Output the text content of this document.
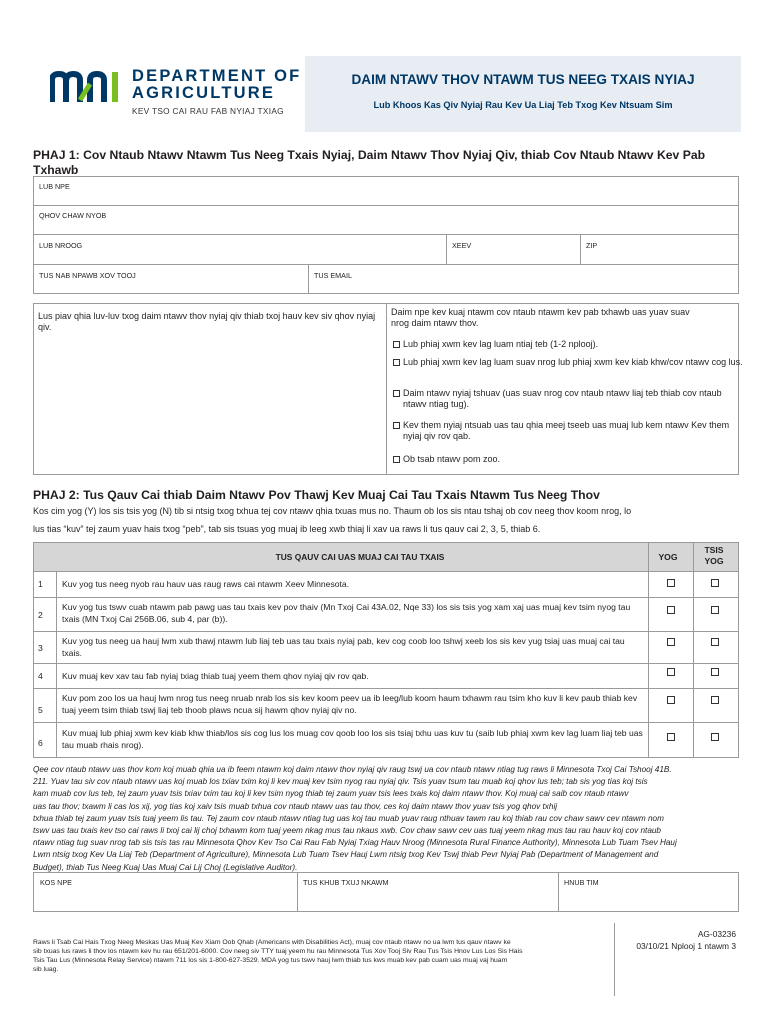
DEPARTMENT OF
AGRICULTURE
KEV TSO CAI RAU FAB NYIAJ TXIAG
DAIM NTAWV THOV NTAWM TUS NEEG TXAIS NYIAJ
Lub Khoos Kas Qiv Nyiaj Rau Kev Ua Liaj Teb Txog Kev Ntsuam Sim
PHAJ 1: Cov Ntaub Ntawv Ntawm Tus Neeg Txais Nyiaj, Daim Ntawv Thov Nyiaj Qiv, thiab Cov Ntaub Ntawv Kev Pab Txhawb
LUB NPE
QHOV CHAW NYOB
LUB NROOG	XEEV	ZIP
TUS NAB NPAWB XOV TOOJ	TUS EMAIL
Lus piav qhia luv-luv txog daim ntawv thov nyiaj qiv thiab txoj hauv kev siv qhov nyiaj qiv.
Daim npe kev kuaj ntawm cov ntaub ntawm kev pab txhawb uas yuav suav nrog daim ntawv thov.
Lub phiaj xwm kev lag luam ntiaj teb (1-2 nplooj).
Lub phiaj xwm kev lag luam suav nrog lub phiaj xwm kev kiab khw/cov ntawv cog lus.
Daim ntawv nyiaj tshuav (uas suav nrog cov ntaub ntawv liaj teb thiab cov ntaub ntawv ntiag tug).
Kev them nyiaj ntsuab uas tau qhia meej tseeb uas muaj lub kem ntawv Kev them nyiaj qiv rov qab.
Ob tsab ntawv pom zoo.
PHAJ 2: Tus Qauv Cai thiab Daim Ntawv Pov Thawj Kev Muaj Cai Tau Txais Ntawm Tus Neeg Thov
Kos cim yog (Y) los sis tsis yog (N) tib si ntsig txog txhua tej cov ntawv qhia txuas mus no. Thaum ob los sis ntau tshaj ob cov neeg thov koom nrog, lo
lus tias “kuv” tej zaum yuav hais txog “peb”, tab sis tsuas yog muaj ib leeg xwb thiaj li xav ua raws li tus qauv cai 2, 3, 5, thiab 6.
TUS QAUV CAI UAS MUAJ CAI TAU TXAIS	YOG
TSIS
YOG
1 Kuv yog tus neeg nyob rau hauv uas raug raws cai ntawm Xeev Minnesota.
2
Kuv yog tus tswv cuab ntawm pab pawg uas tau txais kev pov thaiv (Mn Txoj Cai 43A.02, Nqe 33) los sis tsis yog xam xaj uas muaj kev tsim nyog tau txais (MN Txoj Cai 256B.06, sub 4, par (b)).
3
Kuv yog tus neeg ua hauj lwm xub thawj ntawm lub liaj teb uas tau txais nyiaj pab, kev cog coob loo tshwj xeeb los sis kev yug tsiaj uas muaj cai tau txais.
4 Kuv muaj kev xav tau fab nyiaj txiag thiab tuaj yeem them qhov nyiaj qiv rov qab.
5
Kuv pom zoo los ua hauj lwm nrog tus neeg nruab nrab los sis kev koom peev ua ib leeg/lub koom haum txhawm rau tsim kho kuv li kev paub thiab kev tuaj yeem tsim thiab tswj liaj teb thoob plaws ncua sij hawm qhov nyiaj qiv no.
6
Kuv muaj lub phiaj xwm kev kiab khw thiab/los sis cog lus los muag cov qoob loo los sis tsiaj txhu uas kuv tu (saib lub phiaj xwm kev lag luam liaj teb uas tau muab rhais nrog).
Qee cov ntaub ntawv uas thov kom koj muab qhia ua ib feem ntawm koj daim ntawv thov nyiaj qiv raug tswj ua cov ntaub ntawv ntiag tug raws li Minnesota Txoj Cai Tshooj 41B.
211. Yuav tau siv cov ntaub ntawv uas koj muab los txiav txim koj li kev muaj kev tsim nyog rau nyiaj qiv. Tsis yuav tsum tau muab koj qhov lus teb; tab sis yog tias koj tsis
kam muab cov lus teb, tej zaum yuav tsis txiav txim tau koj li kev tsim nyog thiab tej zaum yuav tsis lees txais koj daim ntawv thov. Koj muaj cai saib cov ntaub ntawv
uas tau thov; txawm li cas los xij, yog tias koj xaiv tsis muab txhua cov ntaub ntawv uas tau thov, ces koj daim ntawv thov yuav tsis yog qhov txhij
txhua thiab tej zaum yuav tsis tuaj yeem lis tau. Tej zaum cov ntaub ntawv ntiag tug uas koj tau muab yuav raug nthuav tawm rau koj thiab rau cov chaw sawv cev ntawm nom
tswv uas tau txais kev tso cai raws li txoj cai lij choj txhawm kom tuaj yeem nkag mus tau nkaus xwb. Cov chaw sawv cev uas tuaj yeem nkag mus tau rau hauv koj cov ntaub
ntawv ntiag tug suav nrog tab sis tsis tas rau Minnesota Qhov Kev Tso Cai Rau Fab Nyiaj Txiag Hauv Nroog (Minnesota Rural Finance Authority), Minnesota Lub Tuam Tsev Hauj
Lwm ntsig txog Kev Ua Liaj Teb (Department of Agriculture), Minnesota Lub Tuam Tsev Hauj Lwm ntsig txog Kev Tswj thiab Pevr Nyiaj Pab (Department of Management and
Budget), thiab Tus Neeg Kuaj Uas Muaj Cai Lij Choj (Legislative Auditor).
KOS NPE	TUS KHUB TXUJ NKAWM	HNUB TIM
Raws li Tsab Cai Hais Txog Neeg Meskas Uas Muaj Kev Xiam Oob Qhab (Americans with Disabilities Act), muaj cov ntaub ntawv no ua lwm tus qauv ntawv ke
sib txuas lus raws li thov los ntawm kev hu rau 651/201-6000. Cov neeg siv TTY tuaj yeem hu rau Minnesota Tus Xov Tooj Siv Rau Tus Tsis Hnov Lus Los Sis Hais
Tsis Tau Lus (Minnesota Relay Service) ntawm 711 los sis 1-800-627-3529. MDA yog tus tswv hauj lwm thiab tus kws muab kev pab cuam uas muaj vaj huam
sib luag.
AG-03236
03/10/21 Nplooj 1 ntawm 3
